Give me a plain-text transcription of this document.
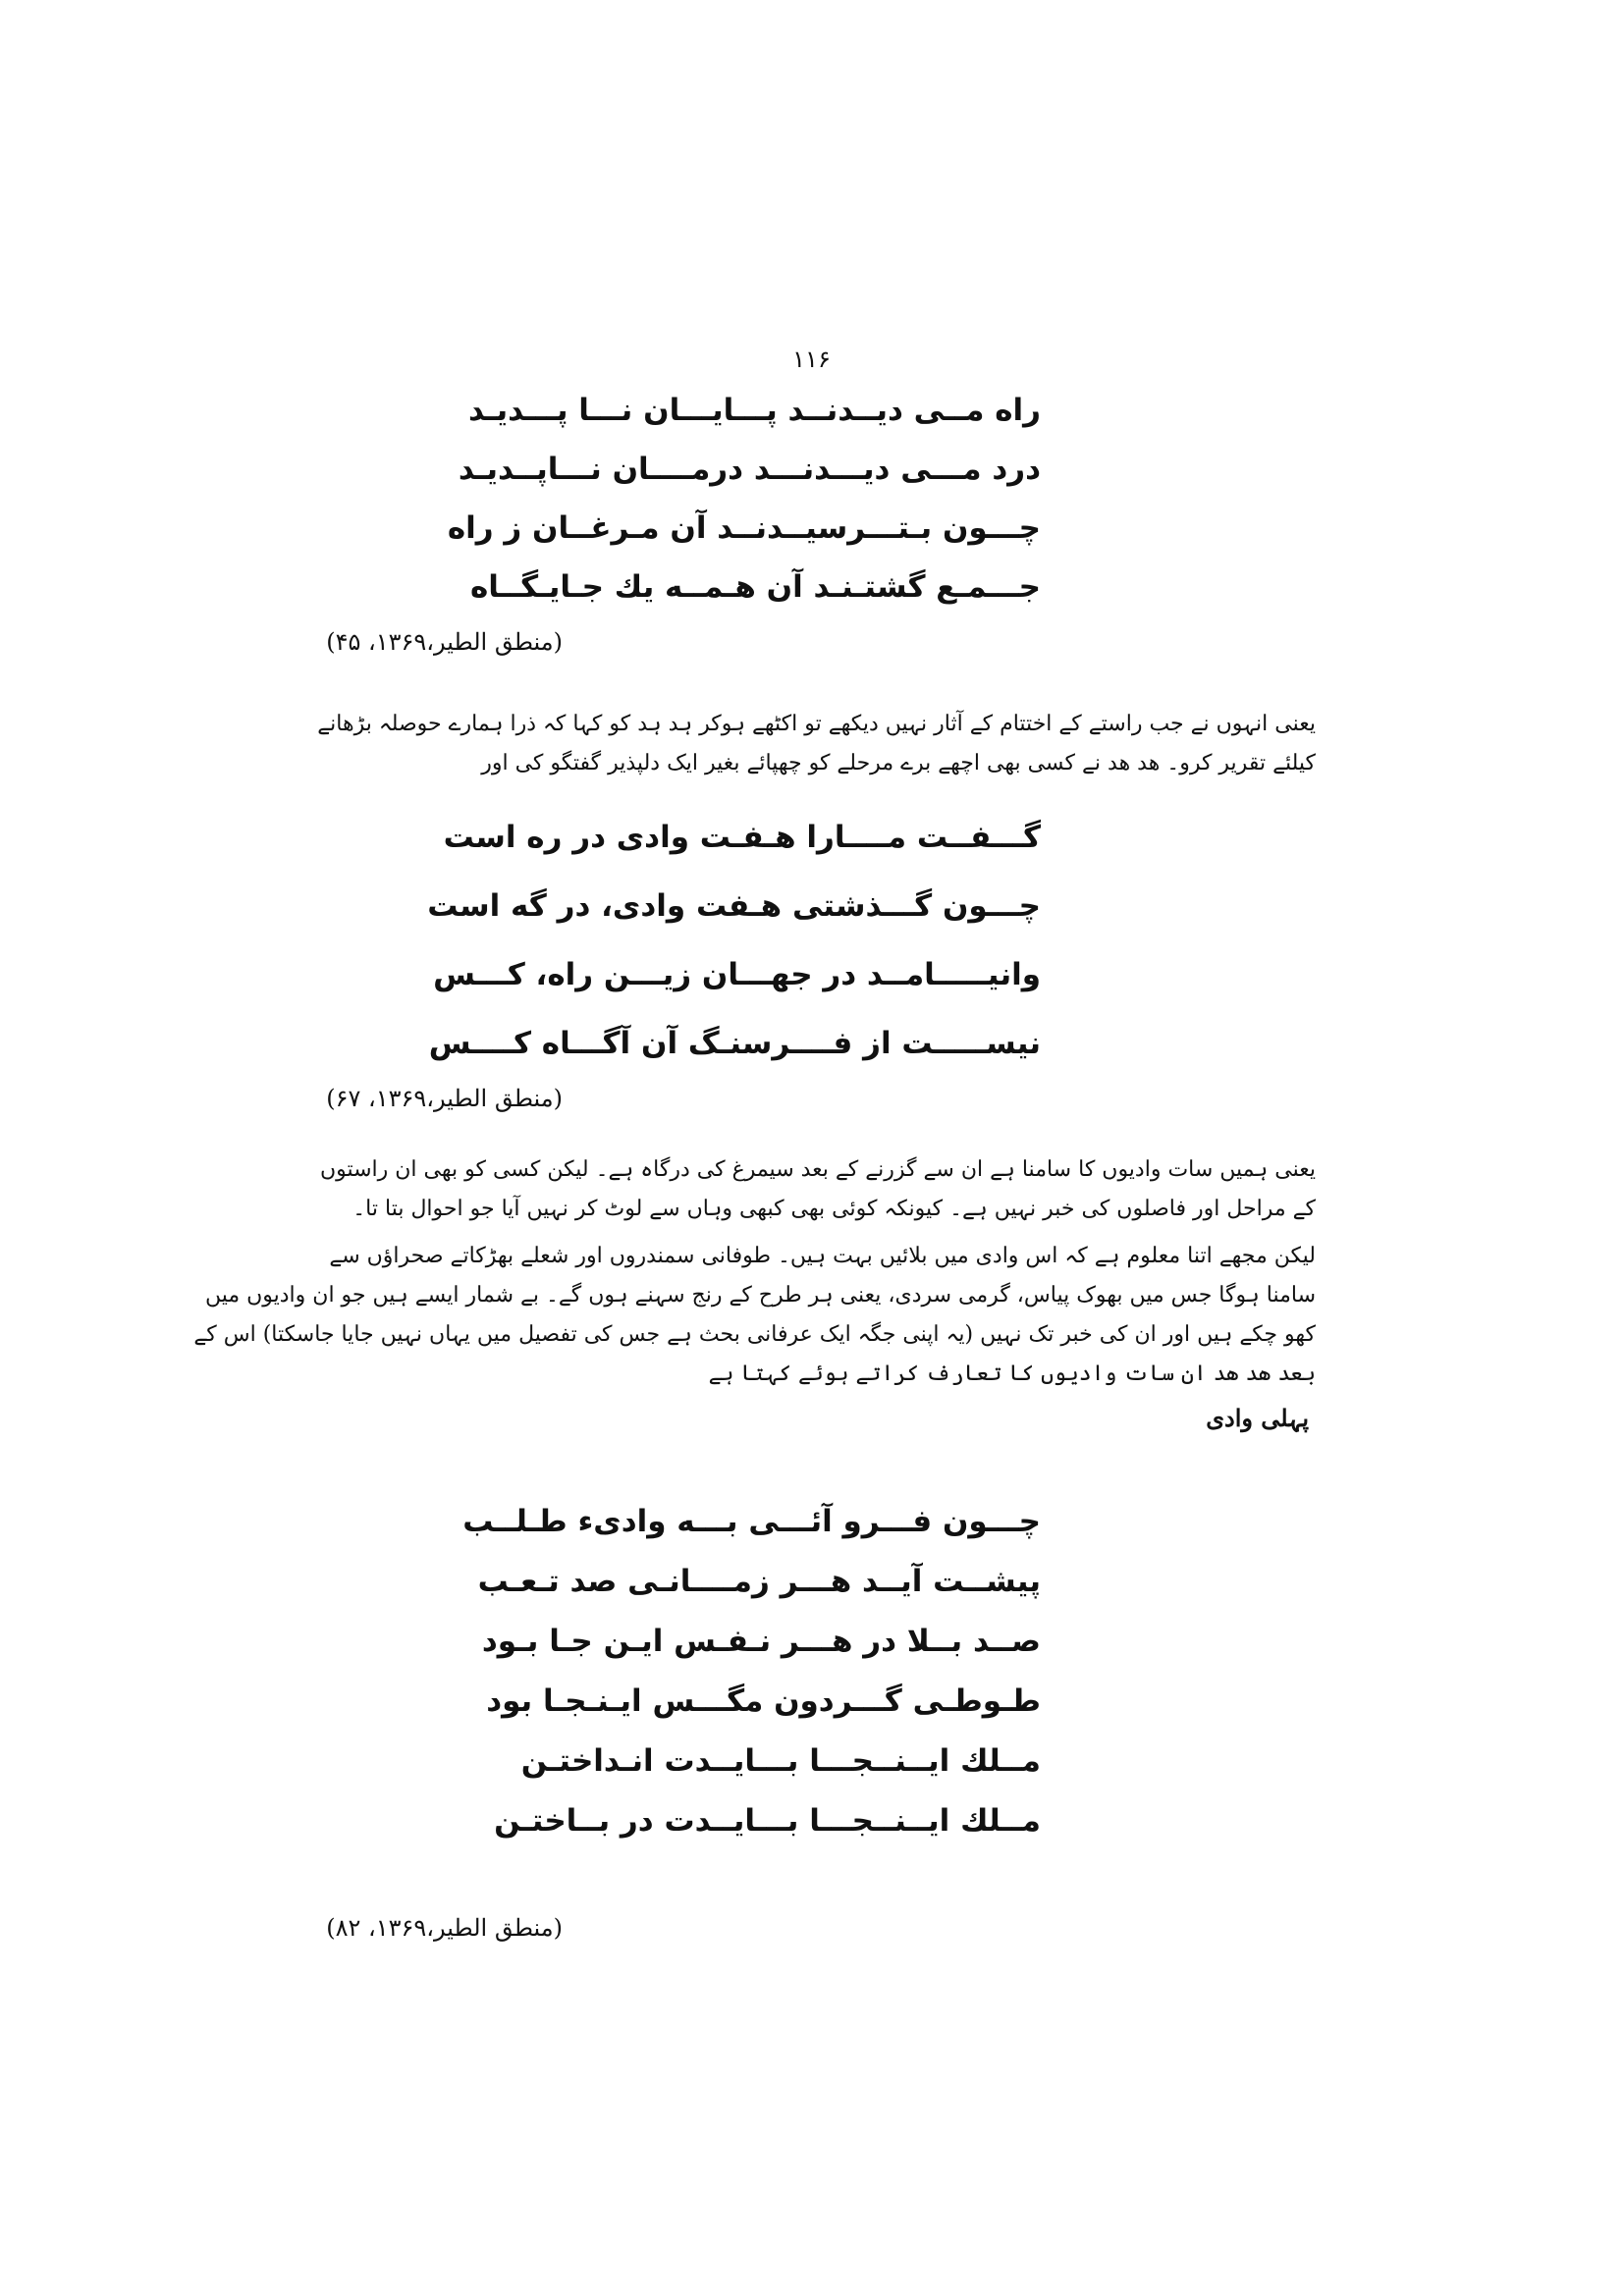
۱۱۶
راه مــی دیــدنــد پـــایـــان نـــا پـــدیـد
درد مـــی دیـــدنـــد درمــــان نـــاپــدیـد
چـــون بـتـــرسیــدنــد آن مـرغــان ز راه
جـــمـع گشتـنـد آن هـمــه یك جـایـگــاه
(منطق الطیر،۱۳۶۹، ۴۵)
یعنی انہوں نے جب راستے کے اختتام کے آثار نہیں دیکھے تو اکٹھے ہوکر ہد ہد کو کہا کہ ذرا ہمارے حوصلہ بڑھانے
کیلئے تقریر کرو۔ ھد ھد نے کسی بھی اچھے برے مرحلے کو چھپائے بغیر ایک دلپذیر گفتگو کی اور
گـــفــت مــــارا هـفـت وادی در ره است
چـــون گـــذشتی هـفت وادی، در گه است
وانیـــــامــد در جهـــان زیـــن راه، کـــس
نیســـــت از فــــرسنـگ آن آگـــاه کــــس
(منطق الطیر،۱۳۶۹، ۶۷)
یعنی ہمیں سات وادیوں کا سامنا ہے ان سے گزرنے کے بعد سیمرغ کی درگاہ ہے۔ لیکن کسی کو بھی ان راستوں
کے مراحل اور فاصلوں کی خبر نہیں ہے۔ کیونکہ کوئی بھی کبھی وہاں سے لوٹ کر نہیں آیا جو احوال بتا تا۔
لیکن مجھے اتنا معلوم ہے کہ اس وادی میں بلائیں بہت ہیں۔ طوفانی سمندروں اور شعلے بھڑکاتے صحراؤں سے
سامنا ہوگا جس میں بھوک پیاس، گرمی سردی، یعنی ہر طرح کے رنج سہنے ہوں گے۔ بے شمار ایسے ہیں جو ان وادیوں میں
کھو چکے ہیں اور ان کی خبر تک نہیں (یہ اپنی جگہ ایک عرفانی بحث ہے جس کی تفصیل میں یہاں نہیں جایا جاسکتا) اس کے
بعد ھد ھد ان سات وادیوں کا تعارف کراتے ہوئے کہتا ہے
پہلی وادی
چـــون فـــرو آئـــی بـــه وادیء طـلــب
پیشــت آیــد هـــر زمــــانـی صد تـعـب
صــد بــلا در هـــر نـفـس ایـن جـا بـود
طـوطـی گـــردون مگـــس ایـنـجـا بود
مــلك ایــنــجـــا بـــایــدت انـداختـن
مــلك ایــنــجـــا بـــایــدت در بــاختـن
(منطق الطیر،۱۳۶۹، ۸۲)
